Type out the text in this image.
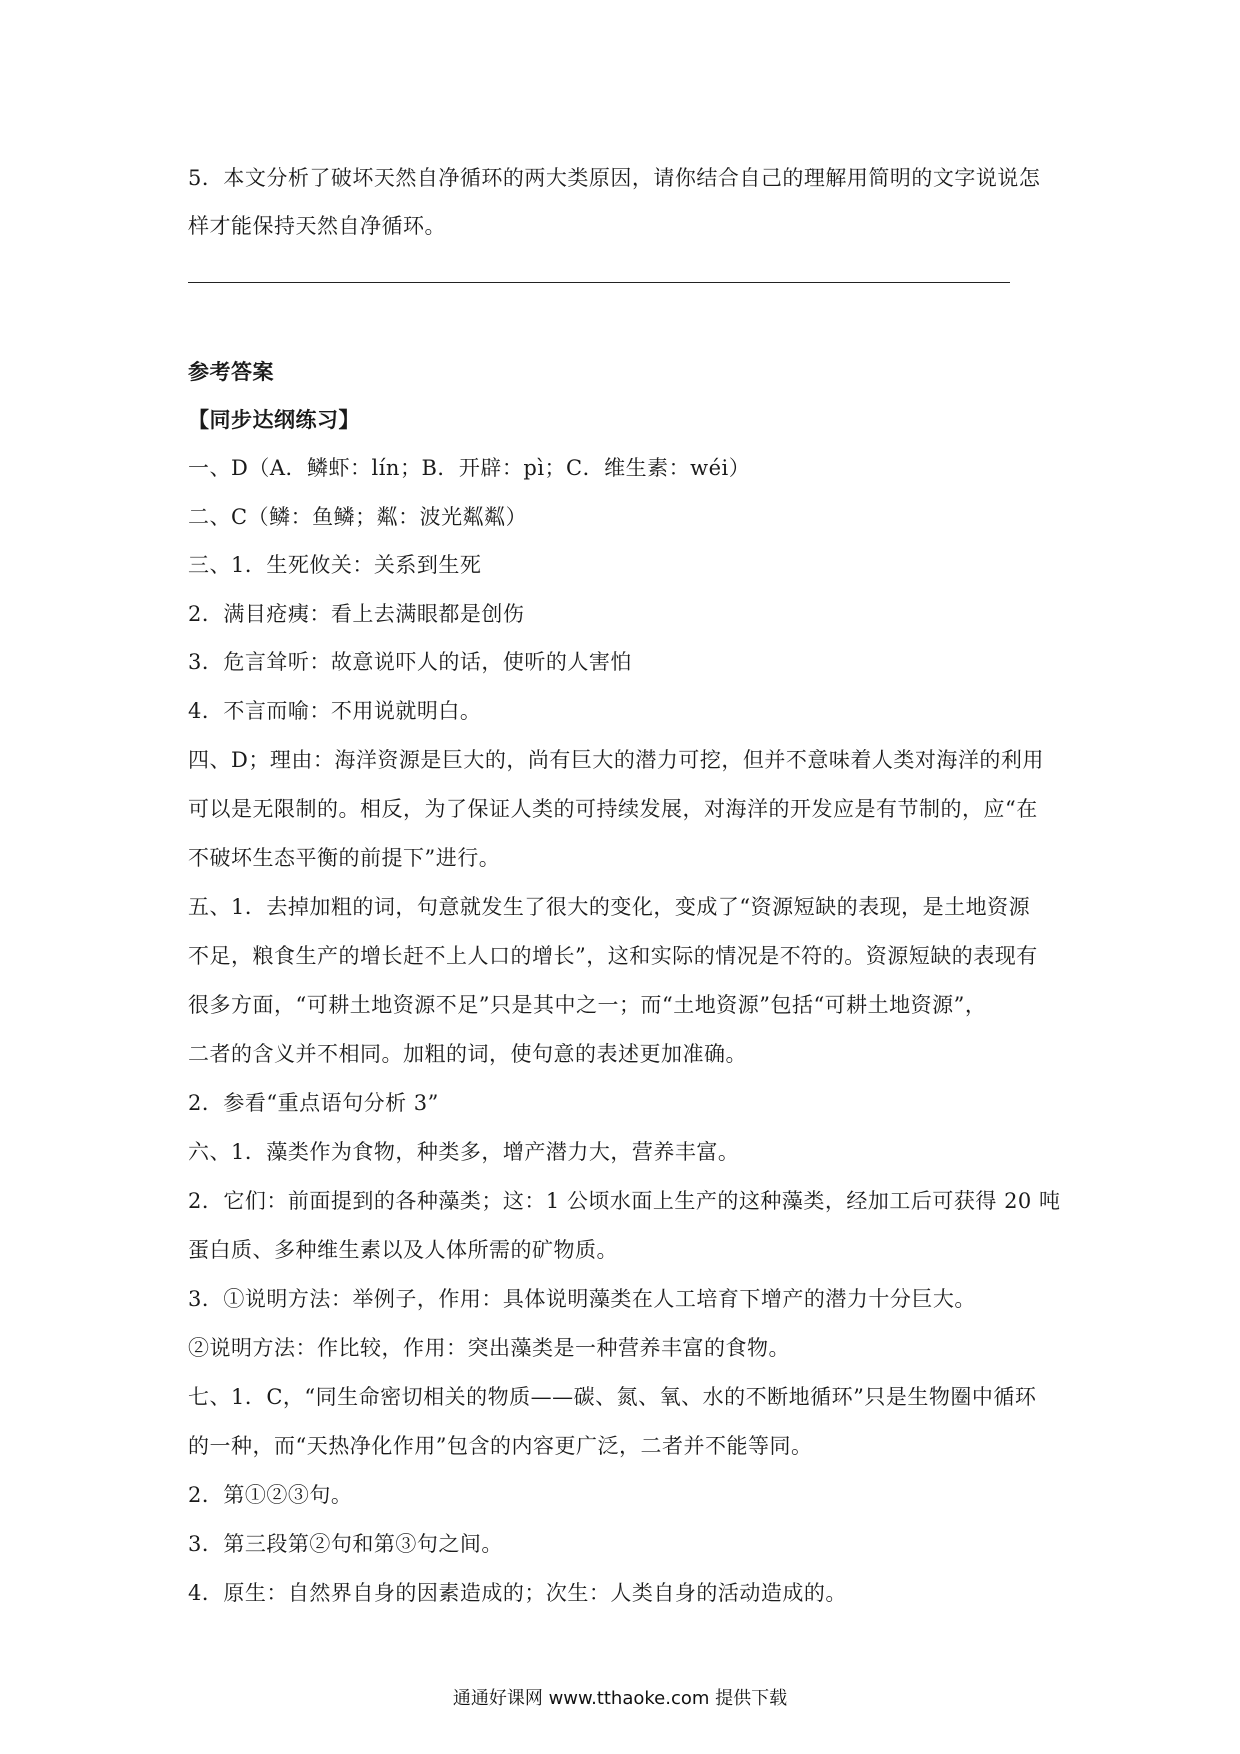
5．本文分析了破坏天然自净循环的两大类原因，请你结合自己的理解用简明的文字说说怎
样才能保持天然自净循环。
参考答案
【同步达纲练习】
一、D（A．鳞虾：lín；B．开辟：pì；C．维生素：wéi）
二、C（鳞：鱼鳞；粼：波光粼粼）
三、1．生死攸关：关系到生死
2．满目疮痍：看上去满眼都是创伤
3．危言耸听：故意说吓人的话，使听的人害怕
4．不言而喻：不用说就明白。
四、D；理由：海洋资源是巨大的，尚有巨大的潜力可挖，但并不意味着人类对海洋的利用
可以是无限制的。相反，为了保证人类的可持续发展，对海洋的开发应是有节制的，应“在
不破坏生态平衡的前提下”进行。
五、1．去掉加粗的词，句意就发生了很大的变化，变成了“资源短缺的表现，是土地资源
不足，粮食生产的增长赶不上人口的增长”，这和实际的情况是不符的。资源短缺的表现有
很多方面，“可耕土地资源不足”只是其中之一；而“土地资源”包括“可耕土地资源”，
二者的含义并不相同。加粗的词，使句意的表述更加准确。
2．参看“重点语句分析 3”
六、1．藻类作为食物，种类多，增产潜力大，营养丰富。
2．它们：前面提到的各种藻类；这：1 公顷水面上生产的这种藻类，经加工后可获得 20 吨
蛋白质、多种维生素以及人体所需的矿物质。
3．①说明方法：举例子，作用：具体说明藻类在人工培育下增产的潜力十分巨大。
②说明方法：作比较，作用：突出藻类是一种营养丰富的食物。
七、1．C，“同生命密切相关的物质——碳、氮、氧、水的不断地循环”只是生物圈中循环
的一种，而“天热净化作用”包含的内容更广泛，二者并不能等同。
2．第①②③句。
3．第三段第②句和第③句之间。
4．原生：自然界自身的因素造成的；次生：人类自身的活动造成的。
通通好课网 www.tthaoke.com 提供下载
